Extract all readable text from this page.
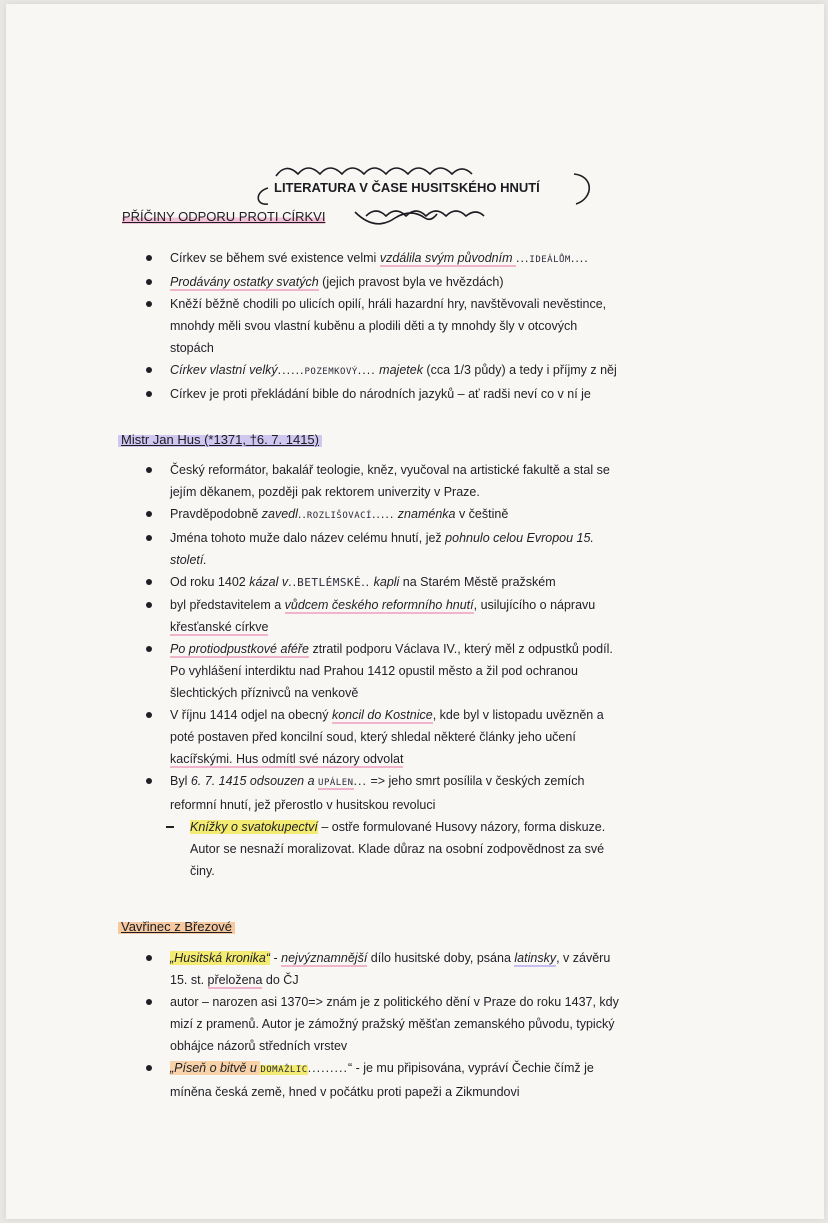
LITERATURA V ČASE HUSITSKÉHO HNUTÍ
PŘÍČINY ODPORU PROTI CÍRKVI
Církev se během své existence velmi vzdálila svým původním ...IDEÁLŮM....
Prodávány ostatky svatých (jejich pravost byla ve hvězdách)
Kněží běžně chodili po ulicích opilí, hráli hazardní hry, navštěvovali nevěstince,
mnohdy měli svou vlastní kuběnu a plodili děti a ty mnohdy šly v otcových
stopách
Církev vlastní velký......POZEMKOVÝ.... majetek (cca 1/3 půdy) a tedy i příjmy z něj
Církev je proti překládání bible do národních jazyků – ať radši neví co v ní je
Mistr Jan Hus (*1371, †6. 7. 1415)
Český reformátor, bakalář teologie, kněz, vyučoval na artistické fakultě a stal se
jejím děkanem, později pak rektorem univerzity v Praze.
Pravděpodobně zavedl..ROZLIŠOVACÍ..... znaménka v češtině
Jména tohoto muže dalo název celému hnutí, jež pohnulo celou Evropou 15.
století.
Od roku 1402 kázal v..BETLÉMSKÉ.. kapli na Starém Městě pražském
byl představitelem a vůdcem českého reformního hnutí, usilujícího o nápravu
křesťanské církve
Po protiodpustkové aféře ztratil podporu Václava IV., který měl z odpustků podíl.
Po vyhlášení interdiktu nad Prahou 1412 opustil město a žil pod ochranou
šlechtických příznivců na venkově
V říjnu 1414 odjel na obecný koncil do Kostnice, kde byl v listopadu uvězněn a
poté postaven před koncilní soud, který shledal některé články jeho učení
kacířskými. Hus odmítl své názory odvolat
Byl 6. 7. 1415 odsouzen a UPÁLEN... => jeho smrt posílila v českých zemích
reformní hnutí, jež přerostlo v husitskou revoluci
Knížky o svatokupectví – ostře formulované Husovy názory, forma diskuze.
Autor se nesnaží moralizovat. Klade důraz na osobní zodpovědnost za své
činy.
Vavřinec z Březové
„Husitská kronika“ - nejvýznamnější dílo husitské doby, psána latinsky, v závěru
15. st. přeložena do ČJ
autor – narozen asi 1370=> znám je z politického dění v Praze do roku 1437, kdy
mizí z pramenů. Autor je zámožný pražský měšťan zemanského původu, typický
obhájce názorů středních vrstev
„Píseň o bitvě u DOMAŽLIC.........“ - je mu připisována, vypráví Čechie čímž je
míněna česká země, hned v počátku proti papeži a Zikmundovi
